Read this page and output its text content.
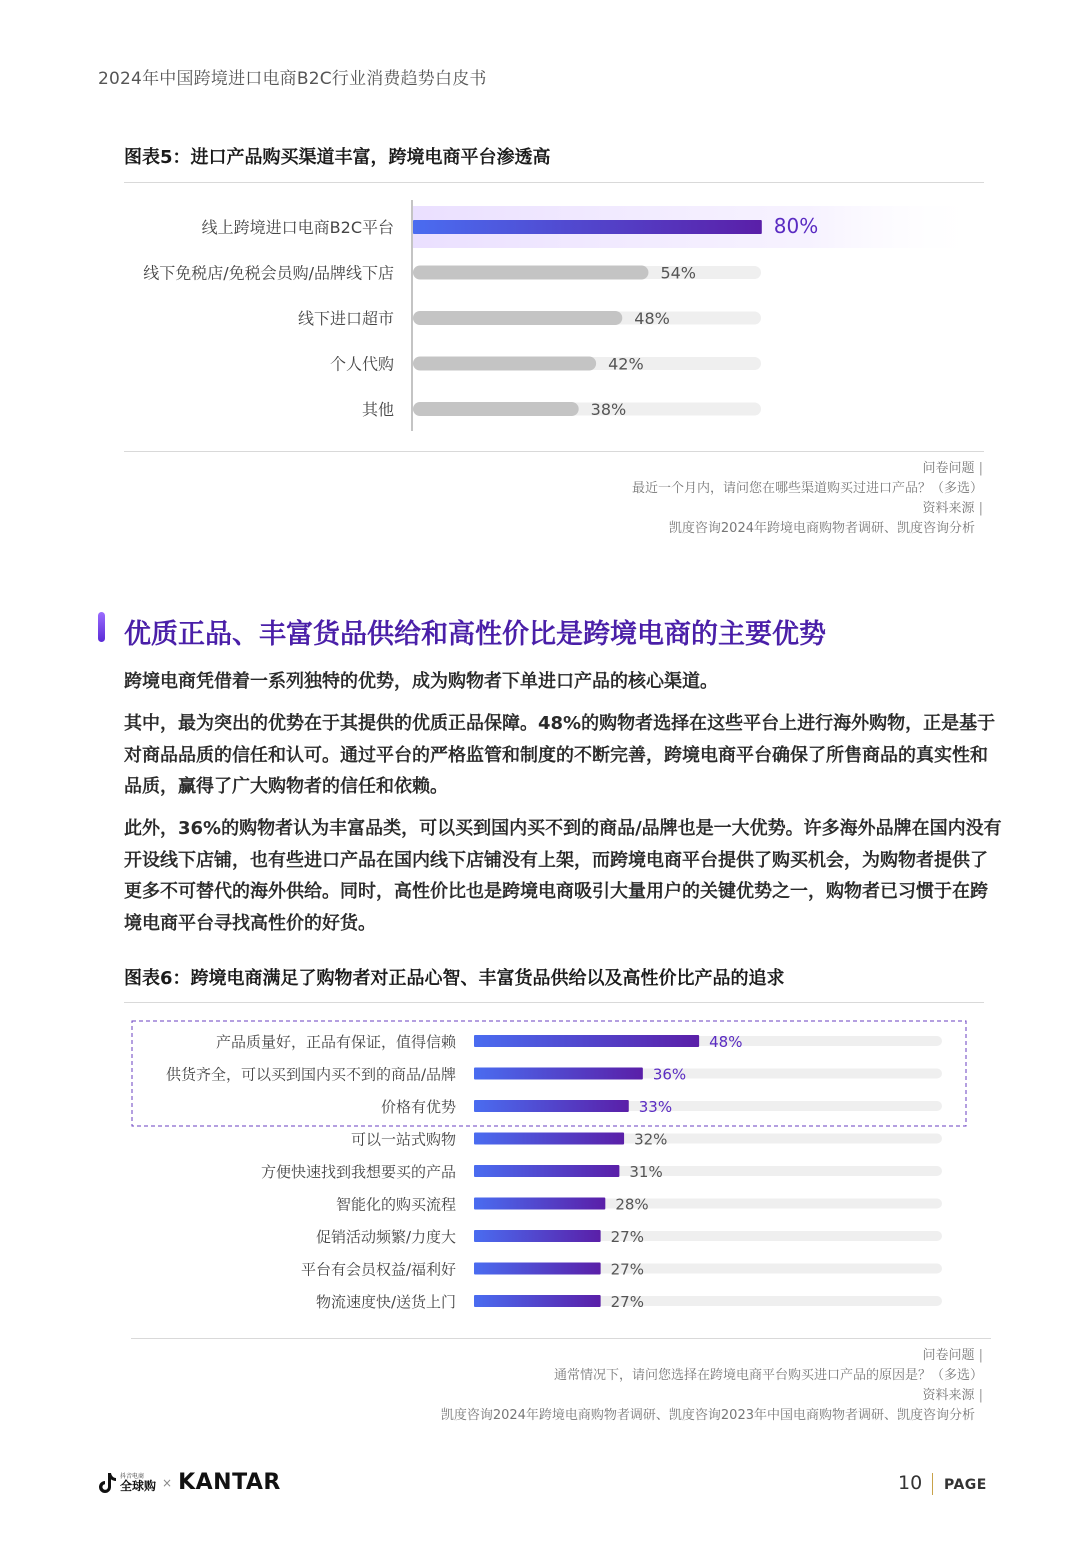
2024年中国跨境进口电商B2C行业消费趋势白皮书
图表5：进口产品购买渠道丰富，跨境电商平台渗透高
线上跨境进口电商B2C平台	80%
线下免税店/免税会员购/品牌线下店	54%
线下进口超市	48%
个人代购	42%
其他	38%
问卷问题 |
最近一个月内，请问您在哪些渠道购买过进口产品？（多选）
资料来源 |
凯度咨询2024年跨境电商购物者调研、凯度咨询分析
优质正品、丰富货品供给和高性价比是跨境电商的主要优势
跨境电商凭借着一系列独特的优势，成为购物者下单进口产品的核心渠道。
其中，最为突出的优势在于其提供的优质正品保障。48%的购物者选择在这些平台上进行海外购物，正是基于对商品品质的信任和认可。通过平台的严格监管和制度的不断完善，跨境电商平台确保了所售商品的真实性和品质，赢得了广大购物者的信任和依赖。
此外，36%的购物者认为丰富品类，可以买到国内买不到的商品/品牌也是一大优势。许多海外品牌在国内没有开设线下店铺，也有些进口产品在国内线下店铺没有上架，而跨境电商平台提供了购买机会，为购物者提供了更多不可替代的海外供给。同时，高性价比也是跨境电商吸引大量用户的关键优势之一，购物者已习惯于在跨境电商平台寻找高性价的好货。
图表6：跨境电商满足了购物者对正品心智、丰富货品供给以及高性价比产品的追求
产品质量好，正品有保证，值得信赖	48%
供货齐全，可以买到国内买不到的商品/品牌	36%
价格有优势	33%
可以一站式购物	32%
方便快速找到我想要买的产品	31%
智能化的购买流程	28%
促销活动频繁/力度大	27%
平台有会员权益/福利好	27%
物流速度快/送货上门	27%
问卷问题 |
通常情况下，请问您选择在跨境电商平台购买进口产品的原因是？（多选）
资料来源 |
凯度咨询2024年跨境电商购物者调研、凯度咨询2023年中国电商购物者调研、凯度咨询分析
抖音电商
全球购 × KANTAR	10 PAGE
